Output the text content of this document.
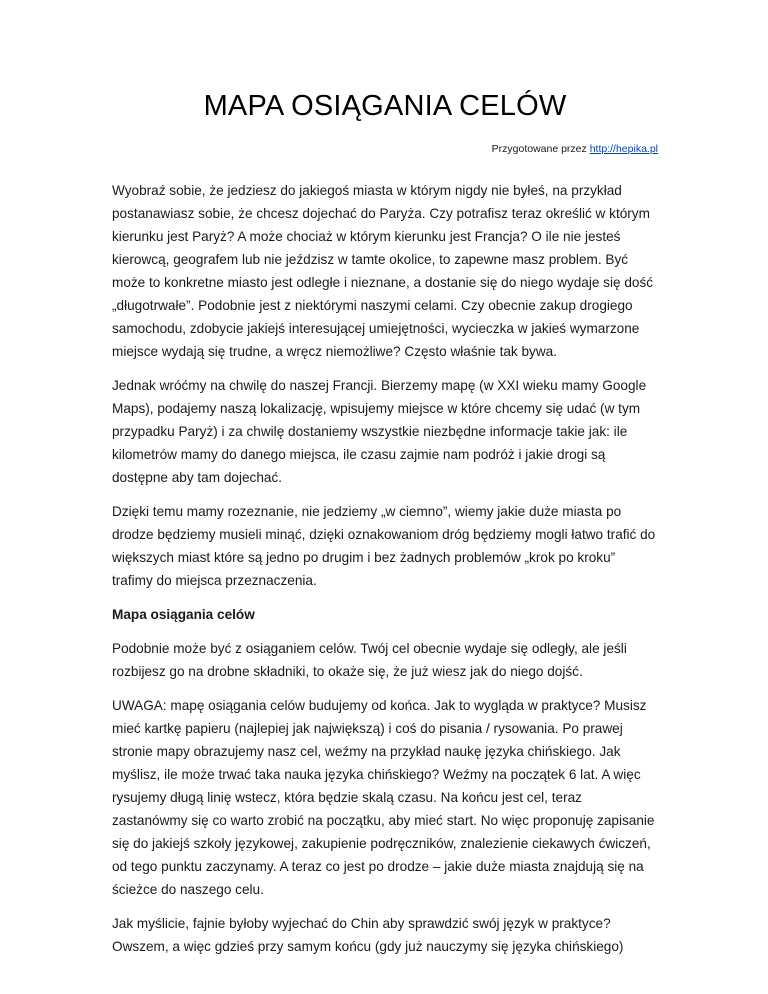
MAPA OSIĄGANIA CELÓW
Przygotowane przez http://hepika.pl

Wyobraź sobie, że jedziesz do jakiegoś miasta w którym nigdy nie byłeś, na przykład postanawiasz sobie, że chcesz dojechać do Paryża. Czy potrafisz teraz określić w którym kierunku jest Paryż? A może chociaż w którym kierunku jest Francja? O ile nie jesteś kierowcą, geografem lub nie jeździsz w tamte okolice, to zapewne masz problem. Być może to konkretne miasto jest odległe i nieznane, a dostanie się do niego wydaje się dość „długotrwałe”. Podobnie jest z niektórymi naszymi celami. Czy obecnie zakup drogiego samochodu, zdobycie jakiejś interesującej umiejętności, wycieczka w jakieś wymarzone miejsce wydają się trudne, a wręcz niemożliwe? Często właśnie tak bywa.

Jednak wróćmy na chwilę do naszej Francji. Bierzemy mapę (w XXI wieku mamy Google Maps), podajemy naszą lokalizację, wpisujemy miejsce w które chcemy się udać (w tym przypadku Paryż) i za chwilę dostaniemy wszystkie niezbędne informacje takie jak: ile kilometrów mamy do danego miejsca, ile czasu zajmie nam podróż i jakie drogi są dostępne aby tam dojechać.

Dzięki temu mamy rozeznanie, nie jedziemy „w ciemno”, wiemy jakie duże miasta po drodze będziemy musieli minąć, dzięki oznakowaniom dróg będziemy mogli łatwo trafić do większych miast które są jedno po drugim i bez żadnych problemów „krok po kroku” trafimy do miejsca przeznaczenia.

Mapa osiągania celów

Podobnie może być z osiąganiem celów. Twój cel obecnie wydaje się odległy, ale jeśli rozbijesz go na drobne składniki, to okaże się, że już wiesz jak do niego dojść.

UWAGA: mapę osiągania celów budujemy od końca. Jak to wygląda w praktyce? Musisz mieć kartkę papieru (najlepiej jak największą) i coś do pisania / rysowania. Po prawej stronie mapy obrazujemy nasz cel, weźmy na przykład naukę języka chińskiego. Jak myślisz, ile może trwać taka nauka języka chińskiego? Weźmy na początek 6 lat. A więc rysujemy długą linię wstecz, która będzie skalą czasu. Na końcu jest cel, teraz zastanówmy się co warto zrobić na początku, aby mieć start. No więc proponuję zapisanie się do jakiejś szkoły językowej, zakupienie podręczników, znalezienie ciekawych ćwiczeń, od tego punktu zaczynamy. A teraz co jest po drodze – jakie duże miasta znajdują się na ścieżce do naszego celu.

Jak myślicie, fajnie byłoby wyjechać do Chin aby sprawdzić swój język w praktyce? Owszem, a więc gdzieś przy samym końcu (gdy już nauczymy się języka chińskiego)
